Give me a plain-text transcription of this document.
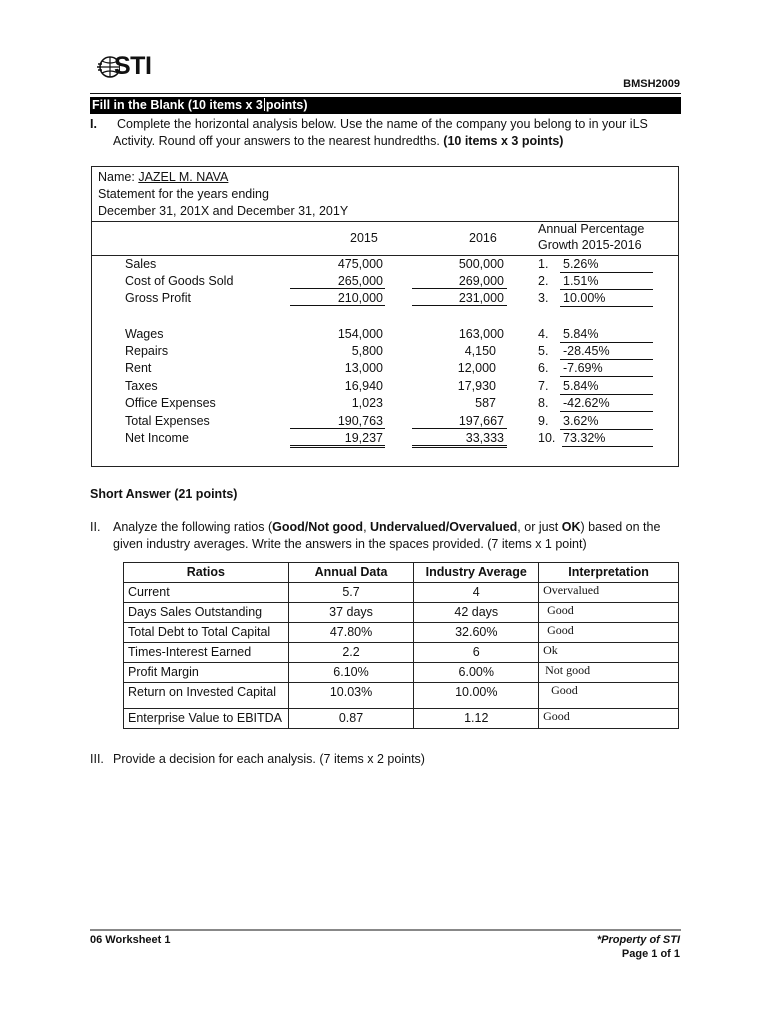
STI
BMSH2009
Fill in the Blank (10 items x 3 points)
I. Complete the horizontal analysis below. Use the name of the company you belong to in your iLS
Activity. Round off your answers to the nearest hundredths. (10 items x 3 points)
Name: JAZEL M. NAVA
Statement for the years ending
December 31, 201X and December 31, 201Y
2015	2016
Annual Percentage
Growth 2015-2016
Sales	475,000	500,000	1. 5.26%
Cost of Goods Sold	265,000	269,000	2. 1.51%
Gross Profit	210,000	231,000	3. 10.00%
Wages	154,000	163,000	4. 5.84%
Repairs	5,800	4,150	5. -28.45%
Rent	13,000	12,000	6. -7.69%
Taxes	16,940	17,930	7. 5.84%
Office Expenses	1,023	587	8. -42.62%
Total Expenses	190,763	197,667	9. 3.62%
Net Income	19,237	33,333	10. 73.32%
Short Answer (21 points)
II. Analyze the following ratios (Good/Not good, Undervalued/Overvalued, or just OK) based on the
given industry averages. Write the answers in the spaces provided. (7 items x 1 point)
Ratios	Annual Data	Industry Average	Interpretation
Current	5.7	4	Overvalued
Days Sales Outstanding	37 days	42 days	Good
Total Debt to Total Capital	47.80%	32.60%	Good
Times-Interest Earned	2.2	6	Ok
Profit Margin	6.10%	6.00%	Not good
Return on Invested Capital	10.03%	10.00%	Good
Enterprise Value to EBITDA	0.87	1.12	Good
III. Provide a decision for each analysis. (7 items x 2 points)
06 Worksheet 1	*Property of STI
Page 1 of 1
